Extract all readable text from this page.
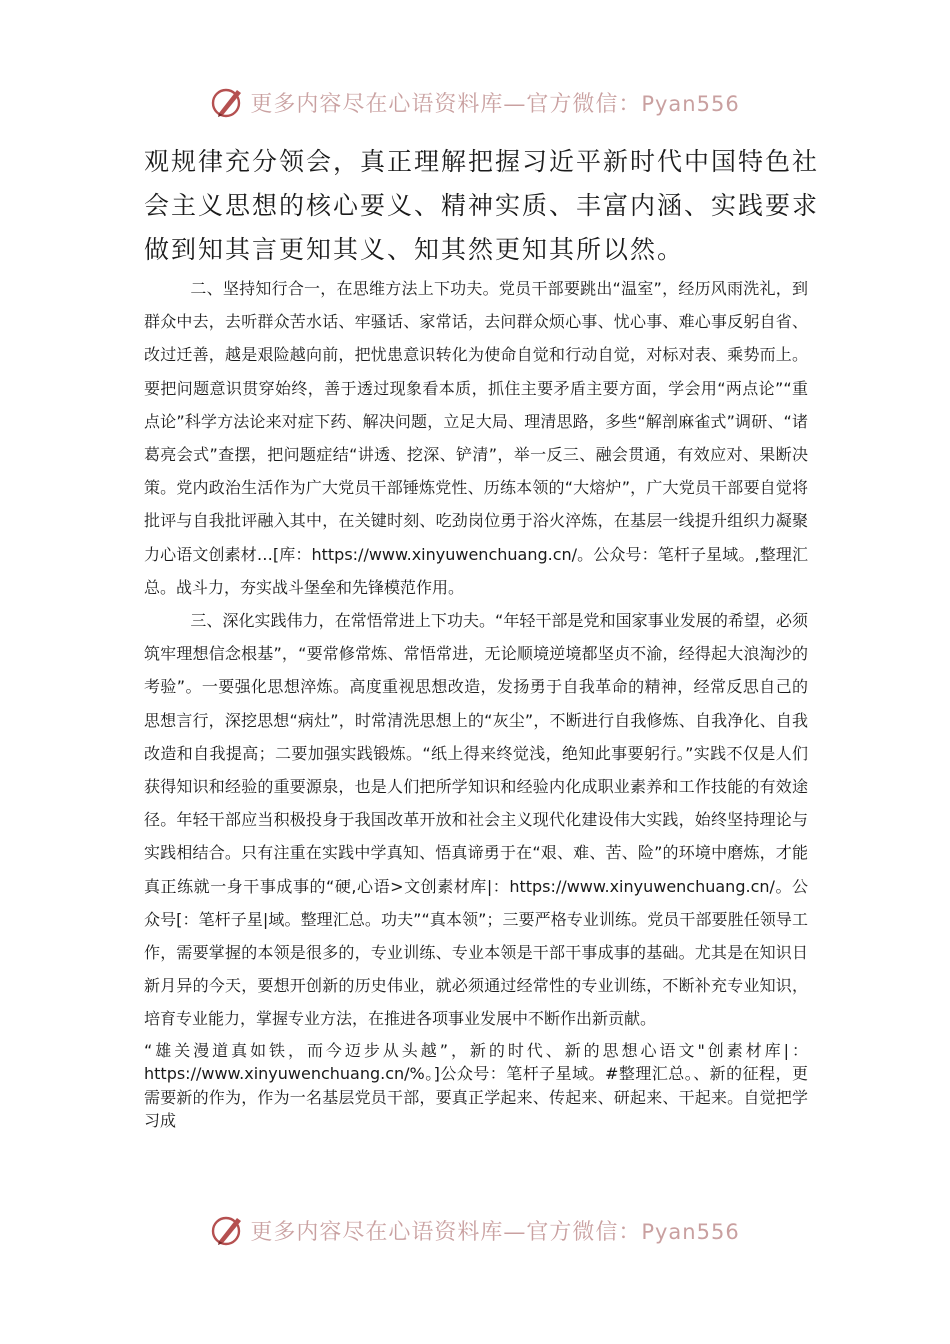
更多内容尽在心语资料库—官方微信：Pyan556

观规律充分领会，真正理解把握习近平新时代中国特色社

会主义思想的核心要义、精神实质、丰富内涵、实践要求

做到知其言更知其义、知其然更知其所以然。

二、坚持知行合一，在思维方法上下功夫。党员干部要跳出“温室”，经历风雨洗礼，到群众中去，去听群众苦水话、牢骚话、家常话，去问群众烦心事、忧心事、难心事反躬自省、改过迁善，越是艰险越向前，把忧患意识转化为使命自觉和行动自觉，对标对表、乘势而上。要把问题意识贯穿始终，善于透过现象看本质，抓住主要矛盾主要方面，学会用“两点论”“重点论”科学方法论来对症下药、解决问题，立足大局、理清思路，多些“解剖麻雀式”调研、“诸葛亮会式”查摆，把问题症结“讲透、挖深、铲清”，举一反三、融会贯通，有效应对、果断决策。党内政治生活作为广大党员干部锤炼党性、历练本领的“大熔炉”，广大党员干部要自觉将批评与自我批评融入其中，在关键时刻、吃劲岗位勇于浴火淬炼，在基层一线提升组织力凝聚力心语文创素材…[库：https://www.xinyuwenchuang.cn/。公众号：笔杆子星域。,整理汇总。战斗力，夯实战斗堡垒和先锋模范作用。

三、深化实践伟力，在常悟常进上下功夫。“年轻干部是党和国家事业发展的希望，必须筑牢理想信念根基”，“要常修常炼、常悟常进，无论顺境逆境都坚贞不渝，经得起大浪淘沙的考验”。一要强化思想淬炼。高度重视思想改造，发扬勇于自我革命的精神，经常反思自己的思想言行，深挖思想“病灶”，时常清洗思想上的“灰尘”，不断进行自我修炼、自我净化、自我改造和自我提高；二要加强实践锻炼。“纸上得来终觉浅，绝知此事要躬行。”实践不仅是人们获得知识和经验的重要源泉，也是人们把所学知识和经验内化成职业素养和工作技能的有效途径。年轻干部应当积极投身于我国改革开放和社会主义现代化建设伟大实践，始终坚持理论与实践相结合。只有注重在实践中学真知、悟真谛勇于在“艰、难、苦、险”的环境中磨炼，才能真正练就一身干事成事的“硬,心语>文创素材库|：https://www.xinyuwenchuang.cn/。公众号[：笔杆子星|域。整理汇总。功夫”“真本领”；三要严格专业训练。党员干部要胜任领导工作，需要掌握的本领是很多的，专业训练、专业本领是干部干事成事的基础。尤其是在知识日新月异的今天，要想开创新的历史伟业，就必须通过经常性的专业训练，不断补充专业知识，培育专业能力，掌握专业方法，在推进各项事业发展中不断作出新贡献。

“雄关漫道真如铁，而今迈步从头越”，新的时代、新的思想心语文"创素材库|：https://www.xinyuwenchuang.cn/%。]公众号：笔杆子星域。#整理汇总。、新的征程，更需要新的作为，作为一名基层党员干部，要真正学起来、传起来、研起来、干起来。自觉把学习成

更多内容尽在心语资料库—官方微信：Pyan556
